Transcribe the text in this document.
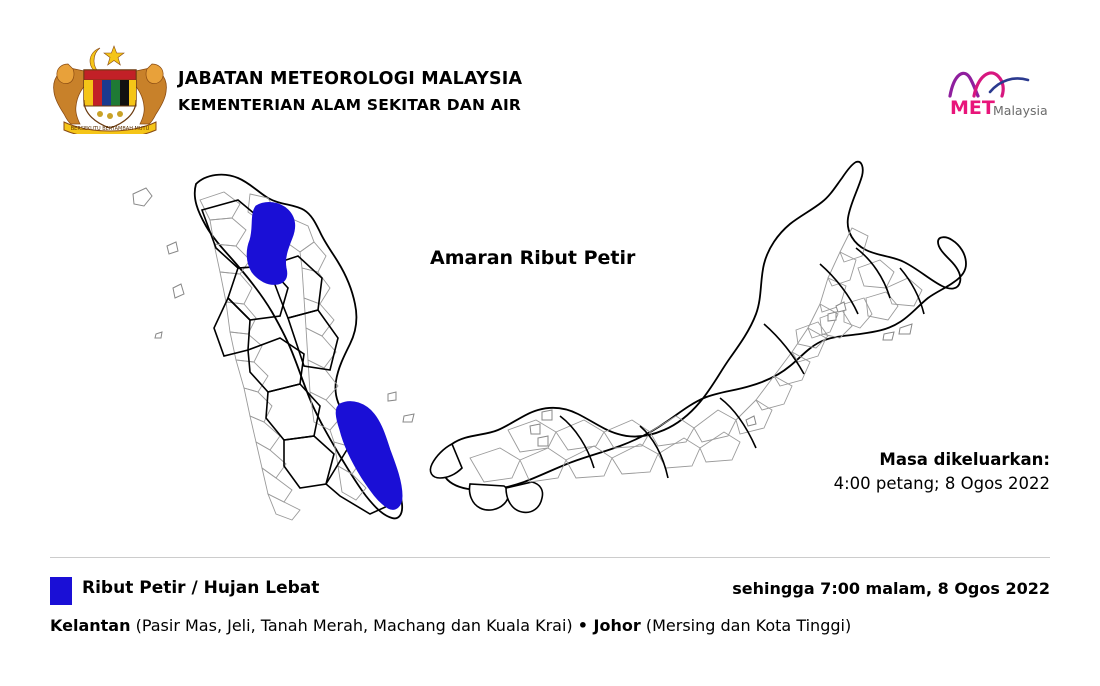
BERSEKUTU BERTAMBAH MUTU
JABATAN METEOROLOGI MALAYSIA
KEMENTERIAN ALAM SEKITAR DAN AIR	MET
Malaysia
Amaran Ribut Petir
Masa dikeluarkan:
4:00 petang; 8 Ogos 2022
Ribut Petir / Hujan Lebat	sehingga 7:00 malam, 8 Ogos 2022
Kelantan (Pasir Mas, Jeli, Tanah Merah, Machang dan Kuala Krai) • Johor (Mersing dan Kota Tinggi)
